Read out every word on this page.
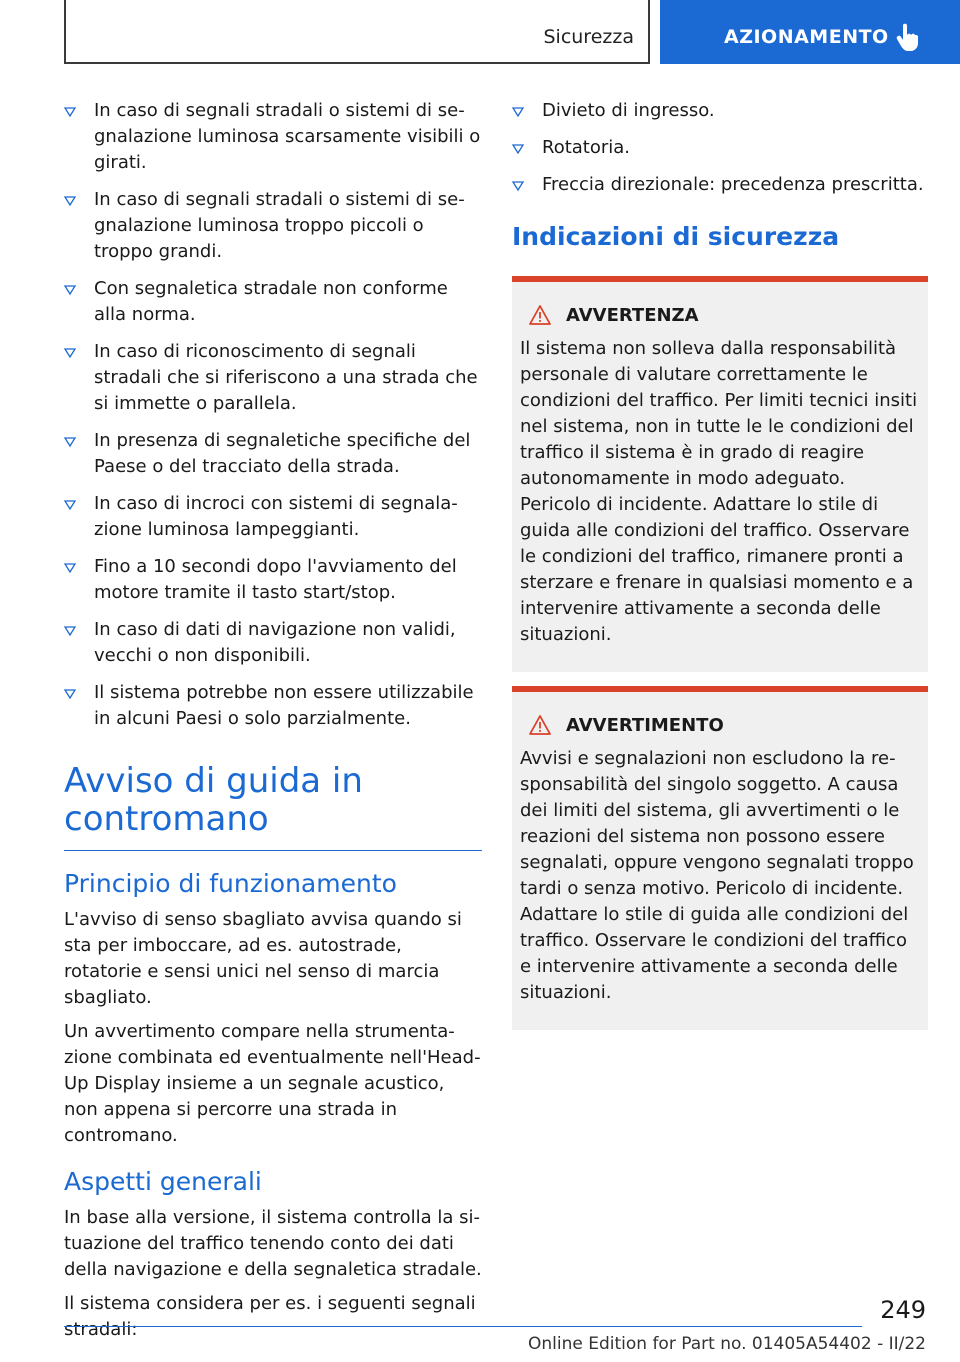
Sicurezza	AZIONAMENTO
In caso di segnali stradali o sistemi di segnalazione luminosa scarsamente visibili o girati.
In caso di segnali stradali o sistemi di segnalazione luminosa troppo piccoli o troppo grandi.
Con segnaletica stradale non conforme alla norma.
In caso di riconoscimento di segnali stradali che si riferiscono a una strada che si immette o parallela.
In presenza di segnaletiche specifiche del Paese o del tracciato della strada.
In caso di incroci con sistemi di segnalazione luminosa lampeggianti.
Fino a 10 secondi dopo l'avviamento del motore tramite il tasto start/stop.
In caso di dati di navigazione non validi, vecchi o non disponibili.
Il sistema potrebbe non essere utilizzabile in alcuni Paesi o solo parzialmente.
Avviso di guida in contromano
Principio di funzionamento

L'avviso di senso sbagliato avvisa quando si sta per imboccare, ad es. autostrade, rotatorie e sensi unici nel senso di marcia sbagliato.

Un avvertimento compare nella strumentazione combinata ed eventualmente nell'Head-Up Display insieme a un segnale acustico, non appena si percorre una strada in contromano.

Aspetti generali

In base alla versione, il sistema controlla la situazione del traffico tenendo conto dei dati della navigazione e della segnaletica stradale.

Il sistema considera per es. i seguenti segnali stradali:

Divieto di ingresso.
Rotatoria.
Freccia direzionale: precedenza prescritta.
Indicazioni di sicurezza
AVVERTENZA

Il sistema non solleva dalla responsabilità personale di valutare correttamente le condizioni del traffico. Per limiti tecnici insiti nel sistema, non in tutte le le condizioni del traffico il sistema è in grado di reagire autonomamente in modo adeguato. Pericolo di incidente. Adattare lo stile di guida alle condizioni del traffico. Osservare le condizioni del traffico, rimanere pronti a sterzare e frenare in qualsiasi momento e a intervenire attivamente a seconda delle situazioni.

AVVERTIMENTO

Avvisi e segnalazioni non escludono la responsabilità del singolo soggetto. A causa dei limiti del sistema, gli avvertimenti o le reazioni del sistema non possono essere segnalati, oppure vengono segnalati troppo tardi o senza motivo. Pericolo di incidente. Adattare lo stile di guida alle condizioni del traffico. Osservare le condizioni del traffico e intervenire attivamente a seconda delle situazioni.

249
Online Edition for Part no. 01405A54402 - II/22
